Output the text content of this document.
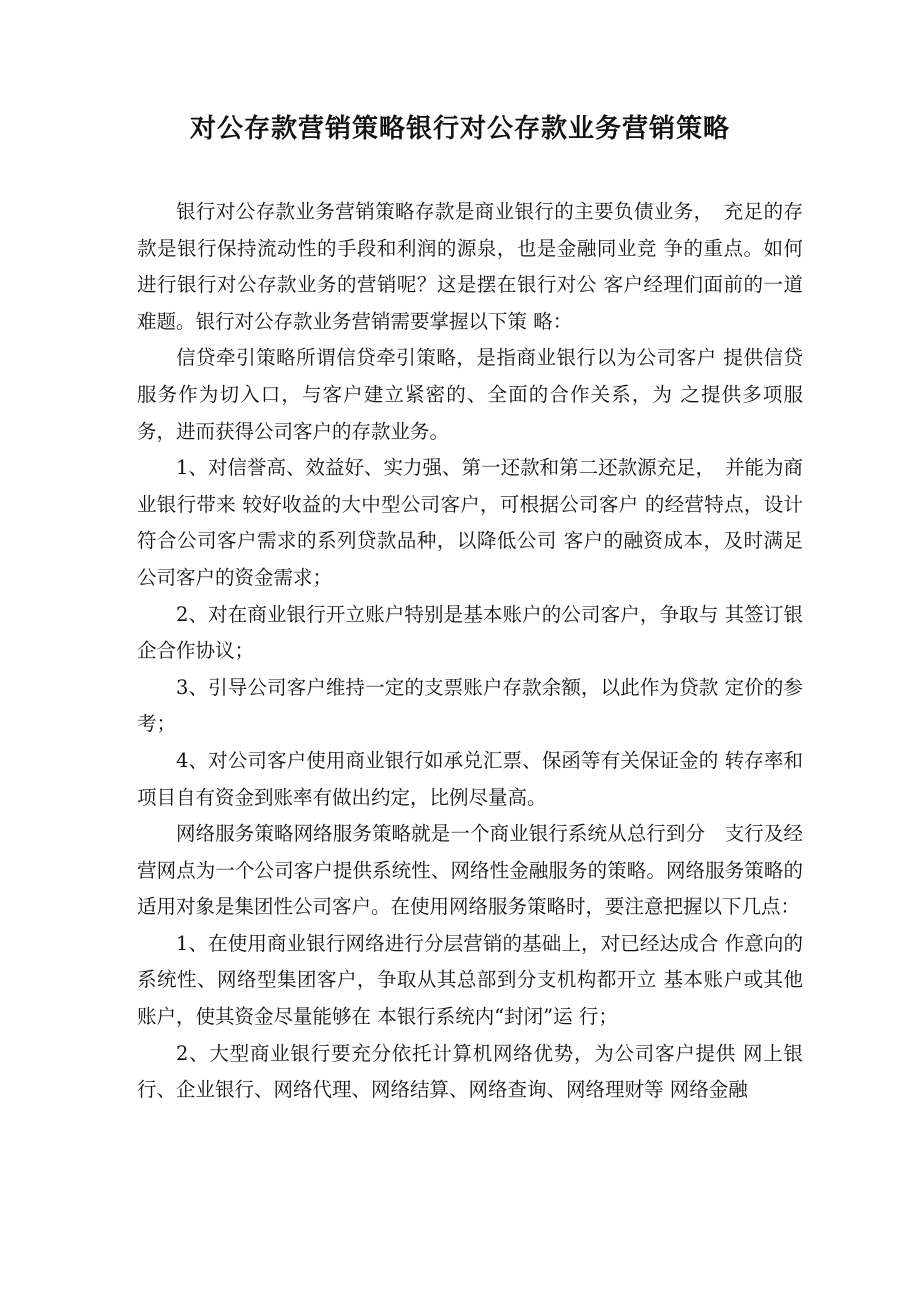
对公存款营销策略银行对公存款业务营销策略

银行对公存款业务营销策略存款是商业银行的主要负债业务，　充足的存款是银行保持流动性的手段和利润的源泉，也是金融同业竞 争的重点。如何进行银行对公存款业务的营销呢？这是摆在银行对公 客户经理们面前的一道难题。银行对公存款业务营销需要掌握以下策 略：

信贷牵引策略所谓信贷牵引策略，是指商业银行以为公司客户 提供信贷服务作为切入口，与客户建立紧密的、全面的合作关系，为 之提供多项服务，进而获得公司客户的存款业务。

1、对信誉高、效益好、实力强、第一还款和第二还款源充足，　并能为商业银行带来 较好收益的大中型公司客户，可根据公司客户 的经营特点，设计符合公司客户需求的系列贷款品种，以降低公司 客户的融资成本，及时满足公司客户的资金需求；

2、对在商业银行开立账户特别是基本账户的公司客户，争取与 其签订银企合作协议；

3、引导公司客户维持一定的支票账户存款余额，以此作为贷款 定价的参考；

4、对公司客户使用商业银行如承兑汇票、保函等有关保证金的 转存率和项目自有资金到账率有做出约定，比例尽量高。

网络服务策略网络服务策略就是一个商业银行系统从总行到分　支行及经营网点为一个公司客户提供系统性、网络性金融服务的策略。网络服务策略的适用对象是集团性公司客户。在使用网络服务策略时，要注意把握以下几点：

1、在使用商业银行网络进行分层营销的基础上，对已经达成合 作意向的系统性、网络型集团客户，争取从其总部到分支机构都开立 基本账户或其他账户，使其资金尽量能够在 本银行系统内“封闭”运 行；

2、大型商业银行要充分依托计算机网络优势，为公司客户提供 网上银行、企业银行、网络代理、网络结算、网络查询、网络理财等 网络金融
